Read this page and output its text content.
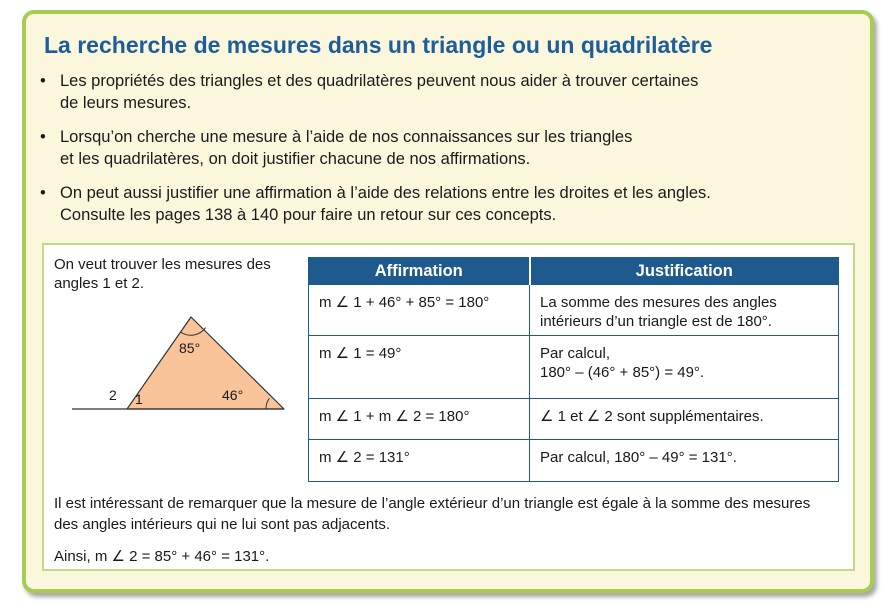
La recherche de mesures dans un triangle ou un quadrilatère
• Les propriétés des triangles et des quadrilatères peuvent nous aider à trouver certaines
de leurs mesures.
• Lorsqu’on cherche une mesure à l’aide de nos connaissances sur les triangles
et les quadrilatères, on doit justifier chacune de nos affirmations.
• On peut aussi justifier une affirmation à l’aide des relations entre les droites et les angles.
Consulte les pages 138 à 140 pour faire un retour sur ces concepts.
On veut trouver les mesures des angles 1 et 2.
85°
46°
1
2
Affirmation	Justification
m ∠ 1 + 46° + 85° = 180°	La somme des mesures des angles
intérieurs d’un triangle est de 180°.

m ∠ 1 = 49°	Par calcul,
180° – (46° + 85°) = 49°.

m ∠ 1 + m ∠ 2 = 180°	∠ 1 et ∠ 2 sont supplémentaires.

m ∠ 2 = 131°	Par calcul, 180° – 49° = 131°.
Il est intéressant de remarquer que la mesure de l’angle extérieur d’un triangle est égale à la somme des mesures des angles intérieurs qui ne lui sont pas adjacents.
Ainsi, m ∠ 2 = 85° + 46° = 131°.
